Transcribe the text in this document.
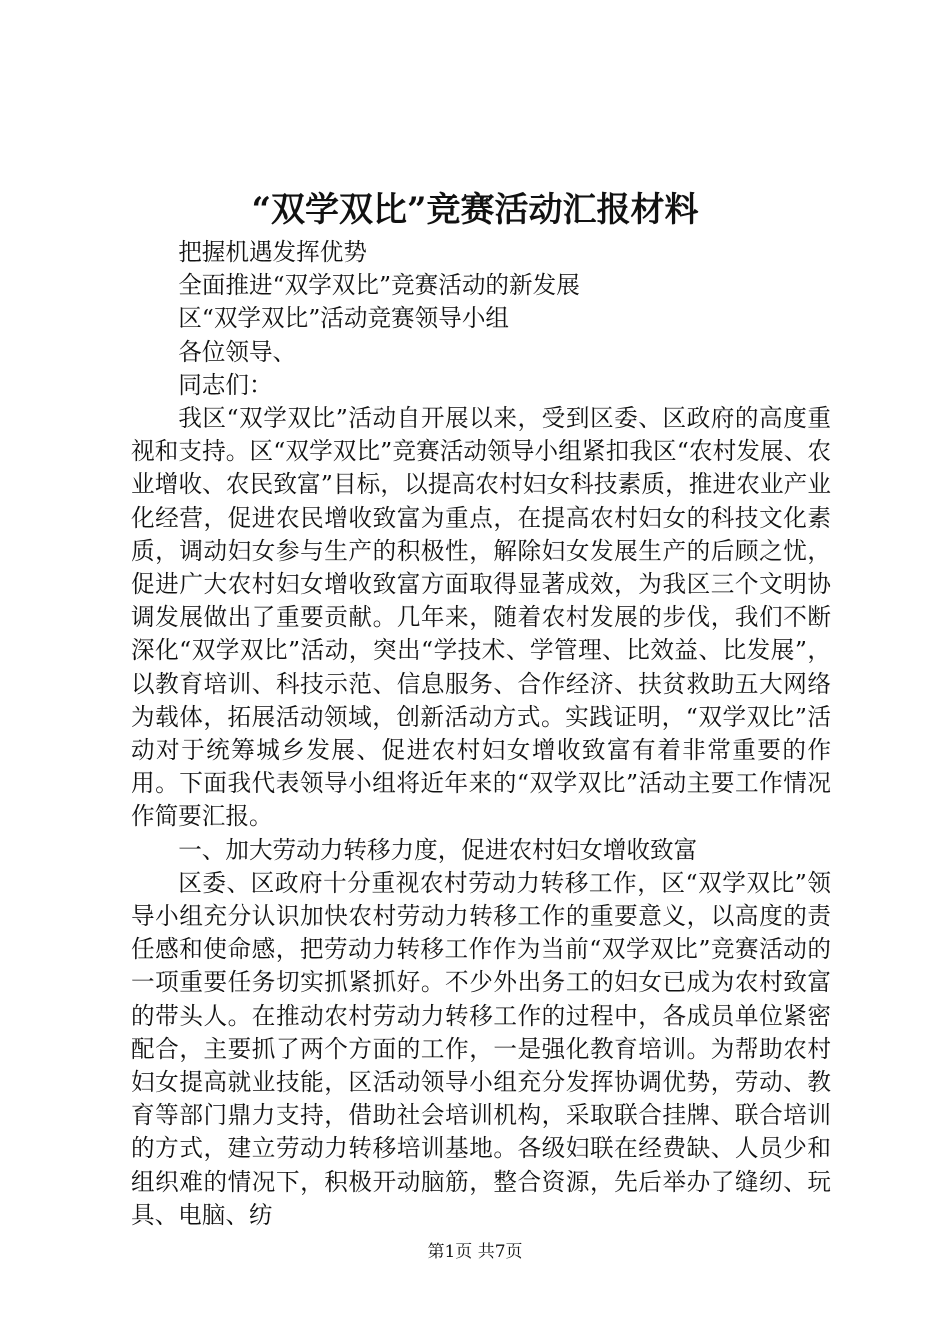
“双学双比”竞赛活动汇报材料

把握机遇发挥优势

全面推进“双学双比”竞赛活动的新发展

区“双学双比”活动竞赛领导小组

各位领导、

同志们：

我区“双学双比”活动自开展以来，受到区委、区政府的高度重视和支持。区“双学双比”竞赛活动领导小组紧扣我区“农村发展、农业增收、农民致富”目标，以提高农村妇女科技素质，推进农业产业化经营，促进农民增收致富为重点，在提高农村妇女的科技文化素质，调动妇女参与生产的积极性，解除妇女发展生产的后顾之忧，促进广大农村妇女增收致富方面取得显著成效，为我区三个文明协调发展做出了重要贡献。几年来，随着农村发展的步伐，我们不断深化“双学双比”活动，突出“学技术、学管理、比效益、比发展”，以教育培训、科技示范、信息服务、合作经济、扶贫救助五大网络为载体，拓展活动领域，创新活动方式。实践证明，“双学双比”活动对于统筹城乡发展、促进农村妇女增收致富有着非常重要的作用。下面我代表领导小组将近年来的“双学双比”活动主要工作情况作简要汇报。

一、加大劳动力转移力度，促进农村妇女增收致富

区委、区政府十分重视农村劳动力转移工作，区“双学双比”领导小组充分认识加快农村劳动力转移工作的重要意义，以高度的责任感和使命感，把劳动力转移工作作为当前“双学双比”竞赛活动的一项重要任务切实抓紧抓好。不少外出务工的妇女已成为农村致富的带头人。在推动农村劳动力转移工作的过程中，各成员单位紧密配合，主要抓了两个方面的工作，一是强化教育培训。为帮助农村妇女提高就业技能，区活动领导小组充分发挥协调优势，劳动、教育等部门鼎力支持，借助社会培训机构，采取联合挂牌、联合培训的方式，建立劳动力转移培训基地。各级妇联在经费缺、人员少和组织难的情况下，积极开动脑筋，整合资源，先后举办了缝纫、玩具、电脑、纺

第1页 共7页
